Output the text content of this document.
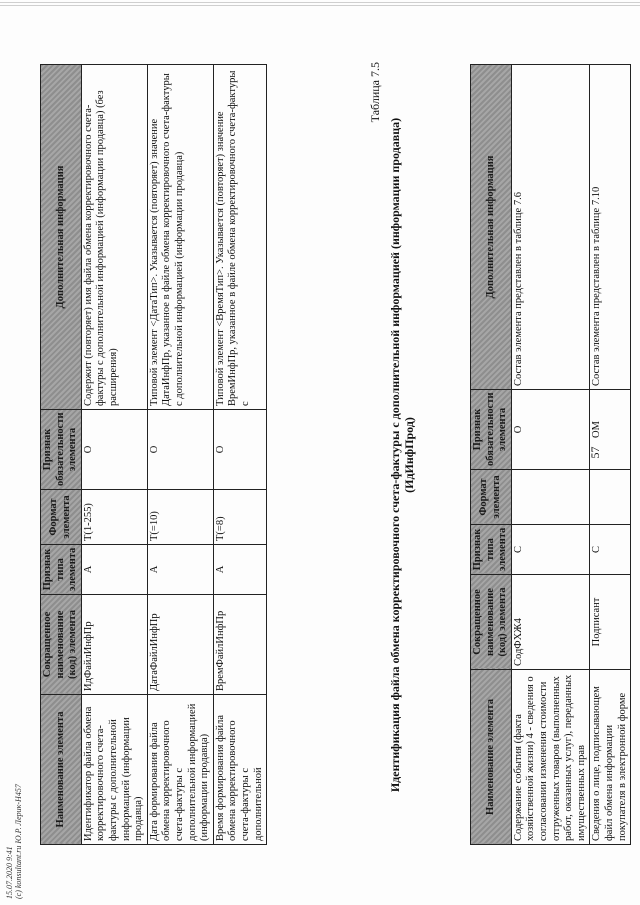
57
Наименование элемента	Сокращенное наименование (код) элемента	Признак типа элемента	Формат элемента	Признак обязательности элемента	Дополнительная информация
Содержание события (факта хозяйственной жизни) 4 - сведения о согласовании изменения стоимости отгруженных товаров (выполненных работ, оказанных услуг), переданных имущественных прав	СодФХЖ4	С		О	Состав элемента представлен в таблице 7.6
Сведения о лице, подписывающем файл обмена информации покупателя в электронной форме	Подписант	С		ОМ	Состав элемента представлен в таблице 7.10
Таблица 7.5
Идентификация файла обмена корректировочного счета-фактуры с дополнительной информацией (информации продавца) (ИдИнфПрод)
Наименование элемента	Сокращенное наименование (код) элемента	Признак типа элемента	Формат элемента	Признак обязательности элемента	Дополнительная информация
Идентификатор файла обмена корректировочного счета-фактуры с дополнительной информацией (информации продавца)	ИдФайлИнфПр	А	Т(1-255)	О	Содержит (повторяет) имя файла обмена корректировочного счета-фактуры с дополнительной информацией (информации продавца) (без расширения)
Дата формирования файла обмена корректировочного счета-фактуры с дополнительной информацией (информации продавца)	ДатаФайлИнфПр	А	Т(=10)	О	Типовой элемент <ДатаТип>. Указывается (повторяет) значение ДатаИнфПр, указанное в файле обмена корректировочного счета-фактуры с дополнительной информацией (информации продавца)
Время формирования файла обмена корректировочного счета-фактуры с дополнительной	ВремФайлИнфПр	А	Т(=8)	О	Типовой элемент <ВремяТип>. Указывается (повторяет) значение ВремИнфПр, указанное в файле обмена корректировочного счета-фактуры с
15.07.2020 9:41 (с) konsultant.ru Ю.Р. Лерик-Н457
